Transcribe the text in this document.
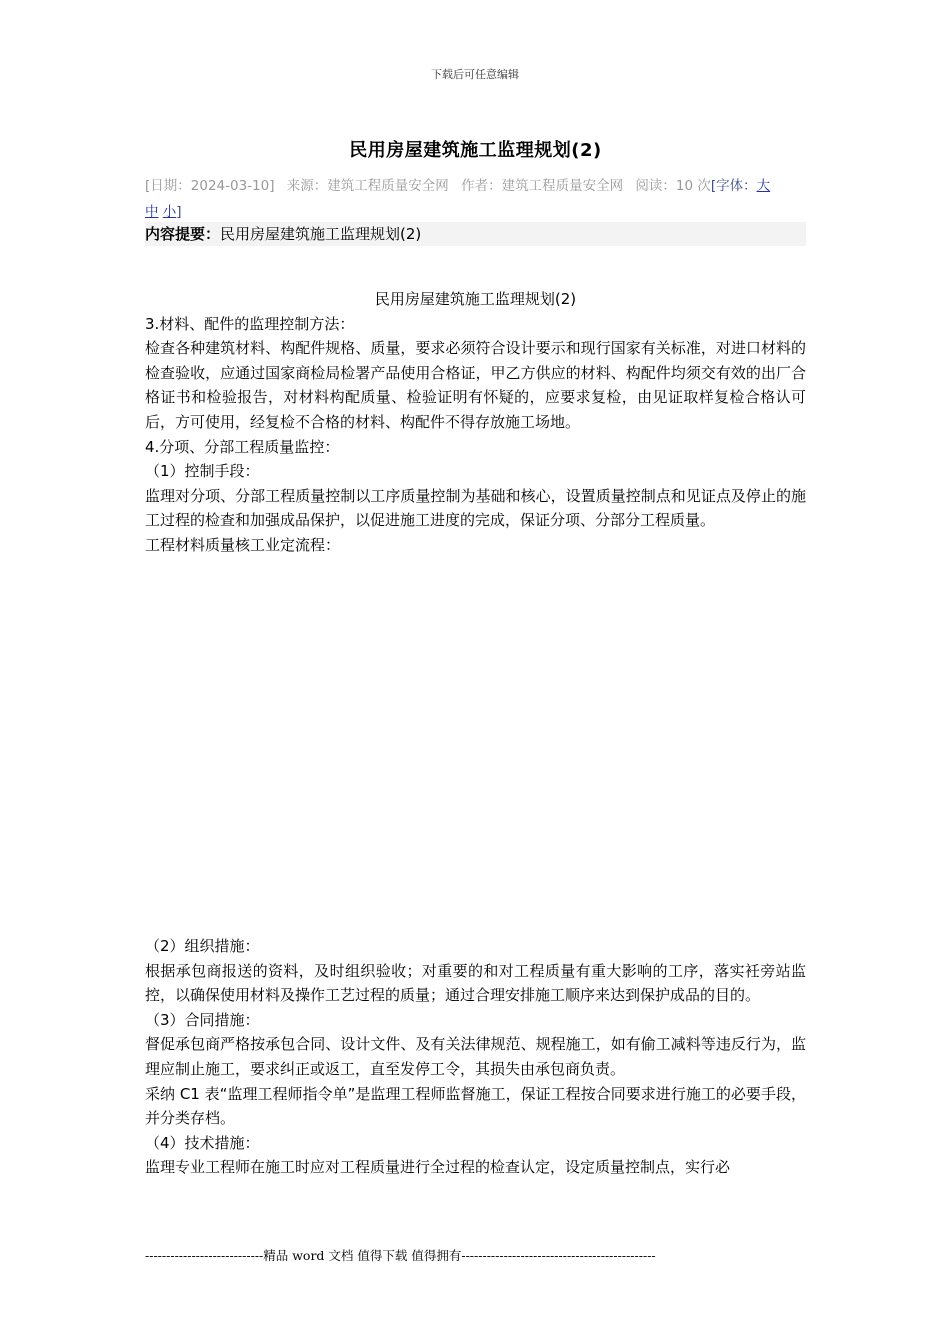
下载后可任意编辑
民用房屋建筑施工监理规划(2)
[日期：2024-03-10] 来源：建筑工程质量安全网 作者：建筑工程质量安全网 阅读：10 次[字体：大
中 小]
内容提要：民用房屋建筑施工监理规划(2)

民用房屋建筑施工监理规划(2)

3.材料、配件的监理控制方法：

检查各种建筑材料、构配件规格、质量，要求必须符合设计要示和现行国家有关标准，对进口材料的检查验收，应通过国家商检局检署产品使用合格证，甲乙方供应的材料、构配件均须交有效的出厂合格证书和检验报告，对材料构配质量、检验证明有怀疑的，应要求复检，由见证取样复检合格认可后，方可使用，经复检不合格的材料、构配件不得存放施工场地。

4.分项、分部工程质量监控：

（1）控制手段：

监理对分项、分部工程质量控制以工序质量控制为基础和核心，设置质量控制点和见证点及停止的施工过程的检查和加强成品保护，以促进施工进度的完成，保证分项、分部分工程质量。

工程材料质量核工业定流程：

（2）组织措施：

根据承包商报送的资料，及时组织验收；对重要的和对工程质量有重大影响的工序，落实衽旁站监控，以确保使用材料及操作工艺过程的质量；通过合理安排施工顺序来达到保护成品的目的。

（3）合同措施：

督促承包商严格按承包合同、设计文件、及有关法律规范、规程施工，如有偷工减料等违反行为，监理应制止施工，要求纠正或返工，直至发停工令，其损失由承包商负责。

采纳 C1 表“监理工程师指令单”是监理工程师监督施工，保证工程按合同要求进行施工的必要手段，并分类存档。

（4）技术措施：

监理专业工程师在施工时应对工程质量进行全过程的检查认定，设定质量控制点，实行必

----------------------------精品 word 文档 值得下载 值得拥有----------------------------------------------
